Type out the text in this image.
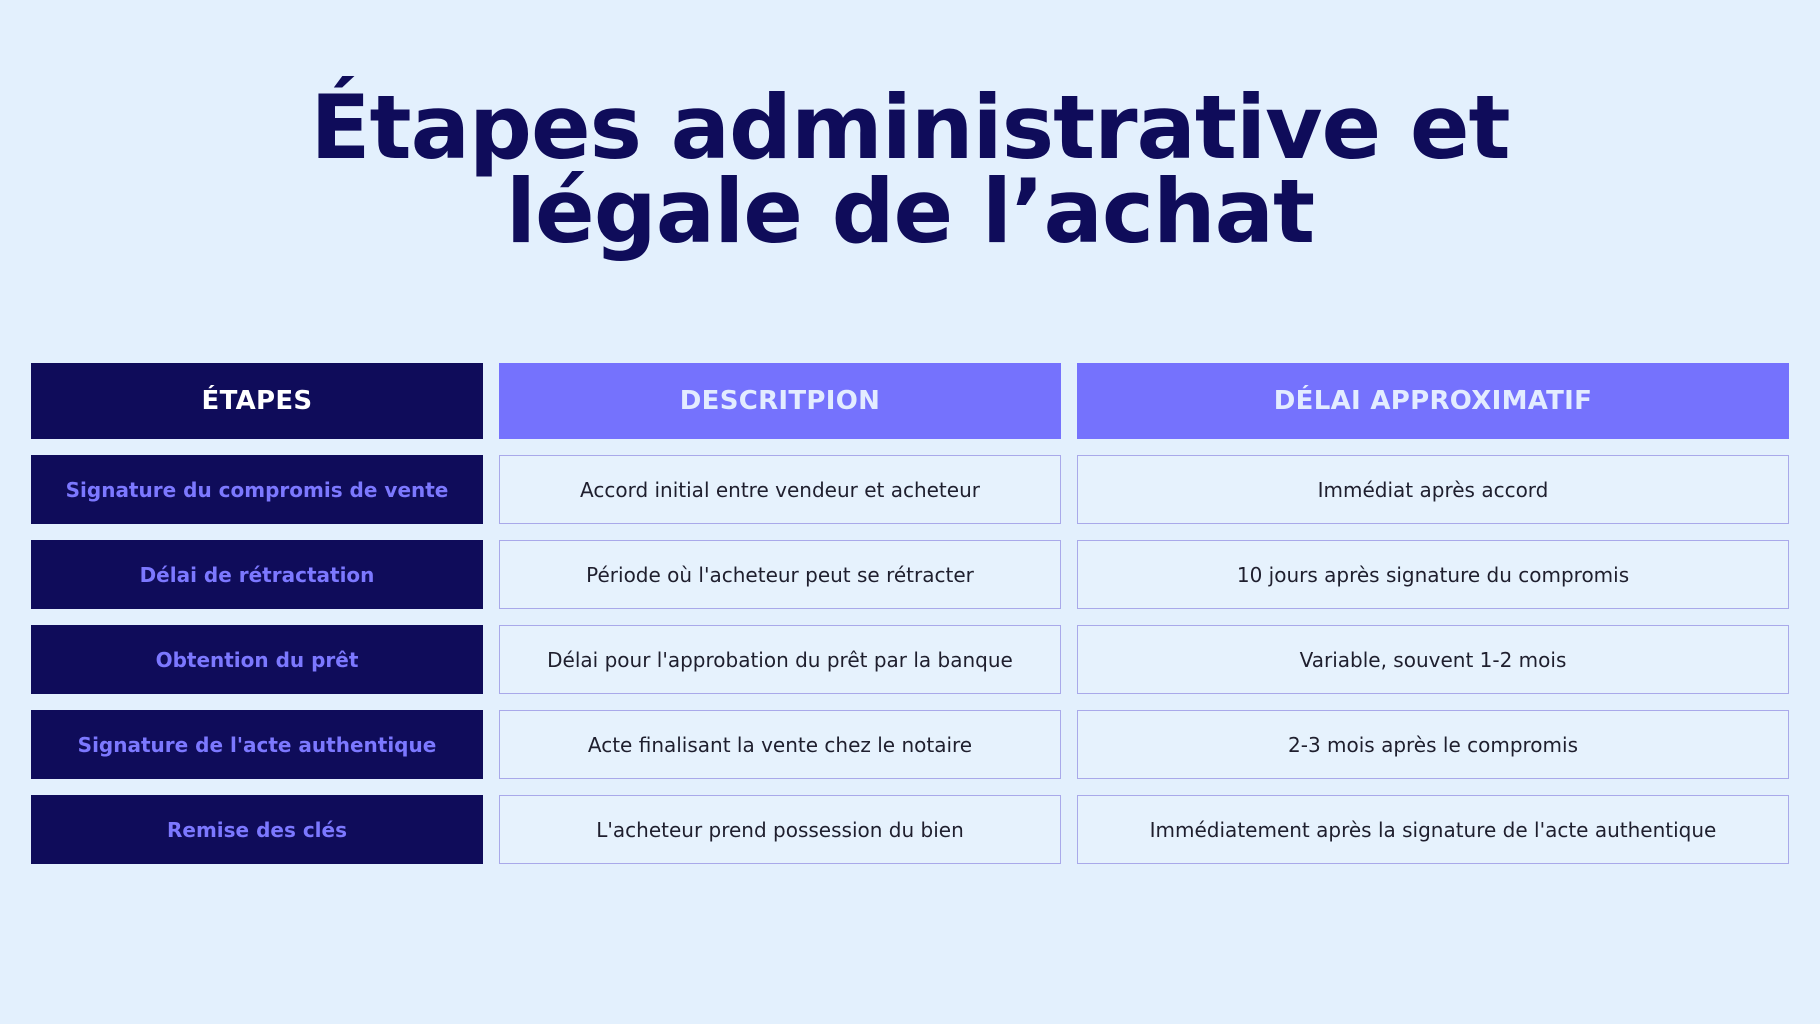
Étapes administrative et
légale de l’achat
ÉTAPES	DESCRITPION	DÉLAI APPROXIMATIF
Signature du compromis de vente	Accord initial entre vendeur et acheteur	Immédiat après accord
Délai de rétractation	Période où l'acheteur peut se rétracter	10 jours après signature du compromis
Obtention du prêt	Délai pour l'approbation du prêt par la banque	Variable, souvent 1-2 mois
Signature de l'acte authentique	Acte finalisant la vente chez le notaire	2-3 mois après le compromis
Remise des clés	L'acheteur prend possession du bien	Immédiatement après la signature de l'acte authentique
